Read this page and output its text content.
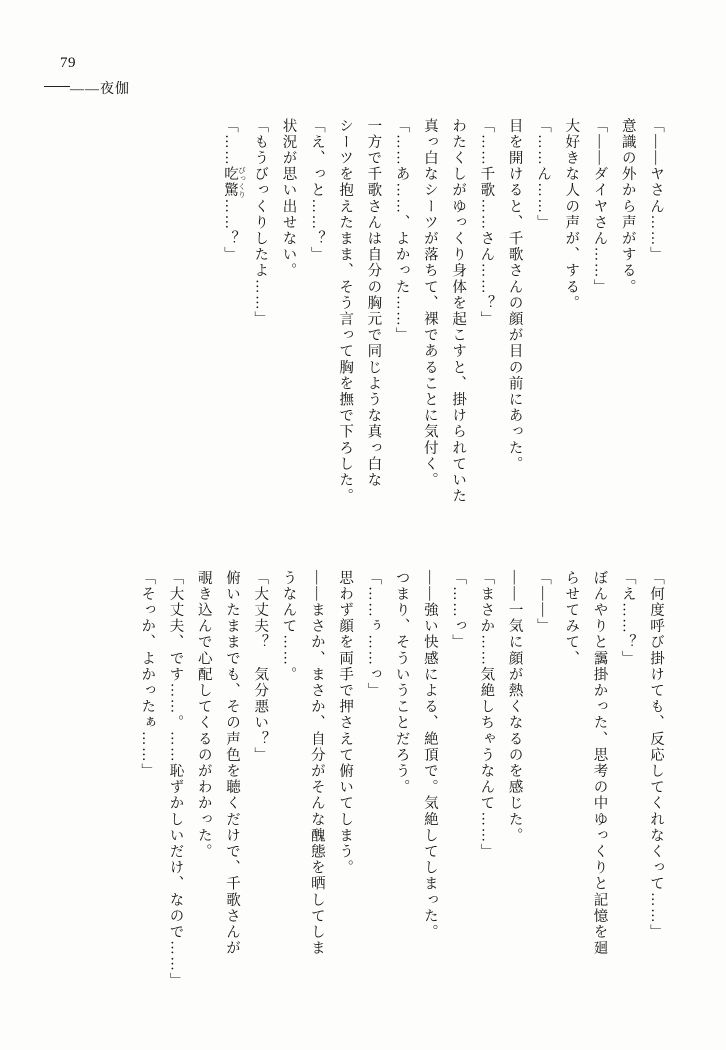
79
――夜伽
「――ヤさん……」
意識の外から声がする。
「――ダイヤさん……」
大好きな人の声が、する。
「……ん……」
目を開けると、千歌さんの顔が目の前にあった。
「……千歌……さん……？」
わたくしがゆっくり身体を起こすと、掛けられていた
真っ白なシーツが落ちて、裸であることに気付く。
「……あ……、よかった……」
一方で千歌さんは自分の胸元で同じような真っ白な
シーツを抱えたまま、そう言って胸を撫で下ろした。
「え、っと……？」
状況が思い出せない。
「もうびっくりしたよ……」
「……吃驚 びっくり……？」
「何度呼び掛けても、反応してくれなくって……」
「え……？」
ぼんやりと靄掛かった、思考の中ゆっくりと記憶を廻
らせてみて、
「――」
――一気に顔が熱くなるのを感じた。
「まさか……気絶しちゃうなんて……」
「……っ」
――強い快感による、絶頂で。気絶してしまった。
つまり、そういうことだろう。
「……ぅ……っ」
思わず顔を両手で押さえて俯いてしまう。
――まさか、まさか、自分がそんな醜態を晒してしま
うなんて……。
「大丈夫？　気分悪い？」
俯いたままでも、その声色を聴くだけで、千歌さんが
覗き込んで心配してくるのがわかった。
「大丈夫、です……。……恥ずかしいだけ、なので……」
「そっか、よかったぁ……」
